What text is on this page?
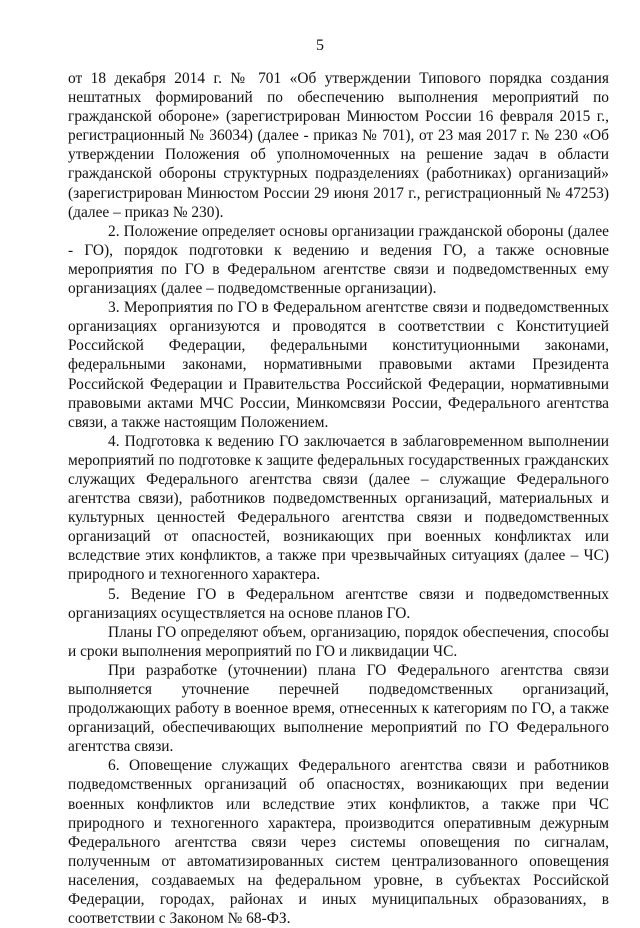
5

от 18 декабря 2014 г. № 701 «Об утверждении Типового порядка создания нештатных формирований по обеспечению выполнения мероприятий по гражданской обороне» (зарегистрирован Минюстом России 16 февраля 2015 г., регистрационный № 36034) (далее - приказ № 701), от 23 мая 2017 г. № 230 «Об утверждении Положения об уполномоченных на решение задач в области гражданской обороны структурных подразделениях (работниках) организаций» (зарегистрирован Минюстом России 29 июня 2017 г., регистрационный № 47253) (далее – приказ № 230).

2. Положение определяет основы организации гражданской обороны (далее - ГО), порядок подготовки к ведению и ведения ГО, а также основные мероприятия по ГО в Федеральном агентстве связи и подведомственных ему организациях (далее – подведомственные организации).

3. Мероприятия по ГО в Федеральном агентстве связи и подведомственных организациях организуются и проводятся в соответствии с Конституцией Российской Федерации, федеральными конституционными законами, федеральными законами, нормативными правовыми актами Президента Российской Федерации и Правительства Российской Федерации, нормативными правовыми актами МЧС России, Минкомсвязи России, Федерального агентства связи, а также настоящим Положением.

4. Подготовка к ведению ГО заключается в заблаговременном выполнении мероприятий по подготовке к защите федеральных государственных гражданских служащих Федерального агентства связи (далее – служащие Федерального агентства связи), работников подведомственных организаций, материальных и культурных ценностей Федерального агентства связи и подведомственных организаций от опасностей, возникающих при военных конфликтах или вследствие этих конфликтов, а также при чрезвычайных ситуациях (далее – ЧС) природного и техногенного характера.

5. Ведение ГО в Федеральном агентстве связи и подведомственных организациях осуществляется на основе планов ГО.

Планы ГО определяют объем, организацию, порядок обеспечения, способы и сроки выполнения мероприятий по ГО и ликвидации ЧС.

При разработке (уточнении) плана ГО Федерального агентства связи выполняется уточнение перечней подведомственных организаций, продолжающих работу в военное время, отнесенных к категориям по ГО, а также организаций, обеспечивающих выполнение мероприятий по ГО Федерального агентства связи.

6. Оповещение служащих Федерального агентства связи и работников подведомственных организаций об опасностях, возникающих при ведении военных конфликтов или вследствие этих конфликтов, а также при ЧС природного и техногенного характера, производится оперативным дежурным Федерального агентства связи через системы оповещения по сигналам, полученным от автоматизированных систем централизованного оповещения населения, создаваемых на федеральном уровне, в субъектах Российской Федерации, городах, районах и иных муниципальных образованиях, в соответствии с Законом № 68-ФЗ.
